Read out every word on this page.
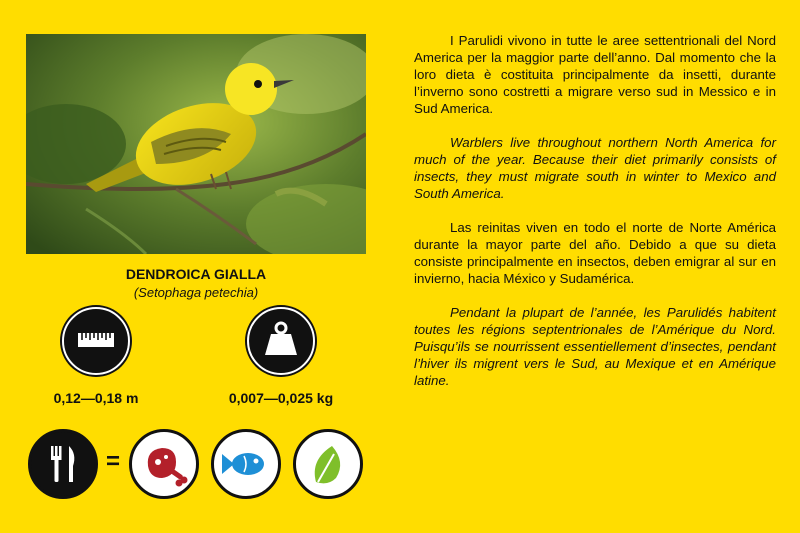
DENDROICA GIALLA
(Setophaga petechia)
0,12—0,18 m	0,007—0,025 kg
=

I Parulidi vivono in tutte le aree settentrionali del Nord America per la maggior parte dell’anno. Dal momento che la loro dieta è costituita principalmente da insetti, durante l’inverno sono costretti a migrare verso sud in Messico e in Sud America.

Warblers live throughout northern North America for much of the year. Because their diet primarily consists of insects, they must migrate south in winter to Mexico and South America.

Las reinitas viven en todo el norte de Norte América durante la mayor parte del año. Debido a que su dieta consiste principalmente en insectos, deben emigrar al sur en invierno, hacia México y Sudamérica.

Pendant la plupart de l’année, les Parulidés habitent toutes les régions septentrionales de l’Amérique du Nord. Puisqu’ils se nourrissent essentiellement d’insectes, pendant l’hiver ils migrent vers le Sud, au Mexique et en Amérique latine.
